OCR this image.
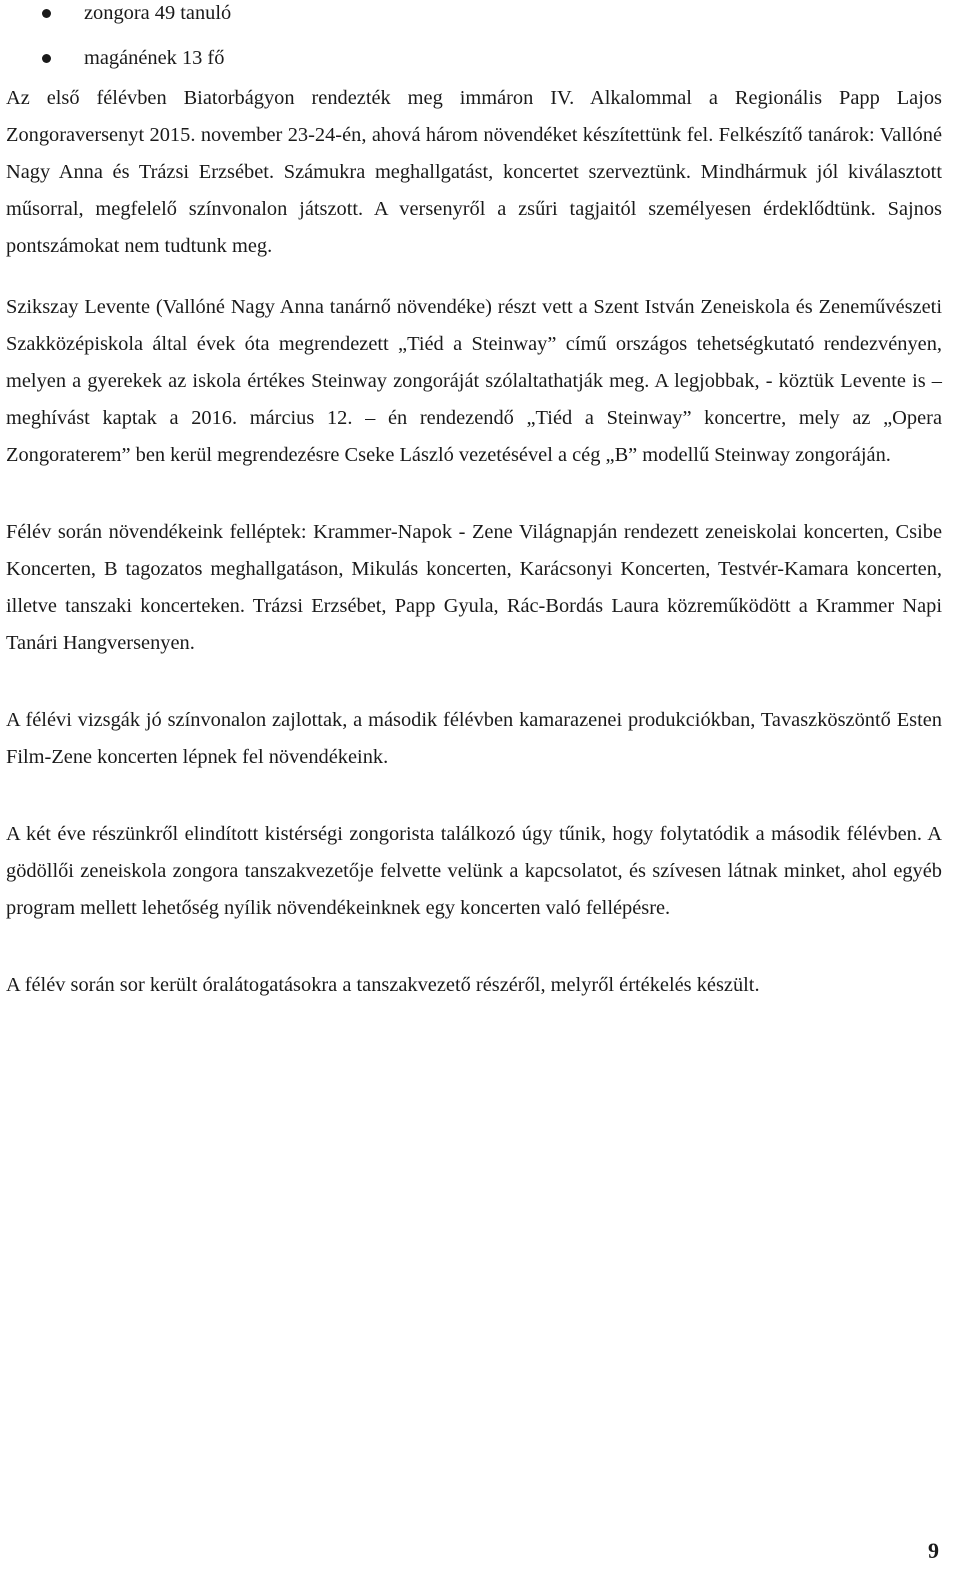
zongora 49 tanuló
magánének 13 fő

Az első félévben Biatorbágyon rendezték meg immáron IV. Alkalommal a Regionális Papp Lajos Zongoraversenyt 2015. november 23-24-én, ahová három növendéket készítettünk fel. Felkészítő tanárok: Vallóné Nagy Anna és Trázsi Erzsébet. Számukra meghallgatást, koncertet szerveztünk. Mindhármuk jól kiválasztott műsorral, megfelelő színvonalon játszott. A versenyről a zsűri tagjaitól személyesen érdeklődtünk. Sajnos pontszámokat nem tudtunk meg.

Szikszay Levente (Vallóné Nagy Anna tanárnő növendéke) részt vett a Szent István Zeneiskola és Zeneművészeti Szakközépiskola által évek óta megrendezett „Tiéd a Steinway” című országos tehetségkutató rendezvényen, melyen a gyerekek az iskola értékes Steinway zongoráját szólaltathatják meg. A legjobbak, - köztük Levente is – meghívást kaptak a 2016. március 12. – én rendezendő „Tiéd a Steinway” koncertre, mely az „Opera Zongoraterem” ben kerül megrendezésre Cseke László vezetésével a cég „B” modellű Steinway zongoráján.

Félév során növendékeink felléptek: Krammer-Napok - Zene Világnapján rendezett zeneiskolai koncerten, Csibe Koncerten, B tagozatos meghallgatáson, Mikulás koncerten, Karácsonyi Koncerten, Testvér-Kamara koncerten, illetve tanszaki koncerteken. Trázsi Erzsébet, Papp Gyula, Rác-Bordás Laura közreműködött a Krammer Napi Tanári Hangversenyen.

A félévi vizsgák jó színvonalon zajlottak, a második félévben kamarazenei produkciókban, Tavaszköszöntő Esten Film-Zene koncerten lépnek fel növendékeink.

A két éve részünkről elindított kistérségi zongorista találkozó úgy tűnik, hogy folytatódik a második félévben. A gödöllői zeneiskola zongora tanszakvezetője felvette velünk a kapcsolatot, és szívesen látnak minket, ahol egyéb program mellett lehetőség nyílik növendékeinknek egy koncerten való fellépésre.

A félév során sor került óralátogatásokra a tanszakvezető részéről, melyről értékelés készült.

9
